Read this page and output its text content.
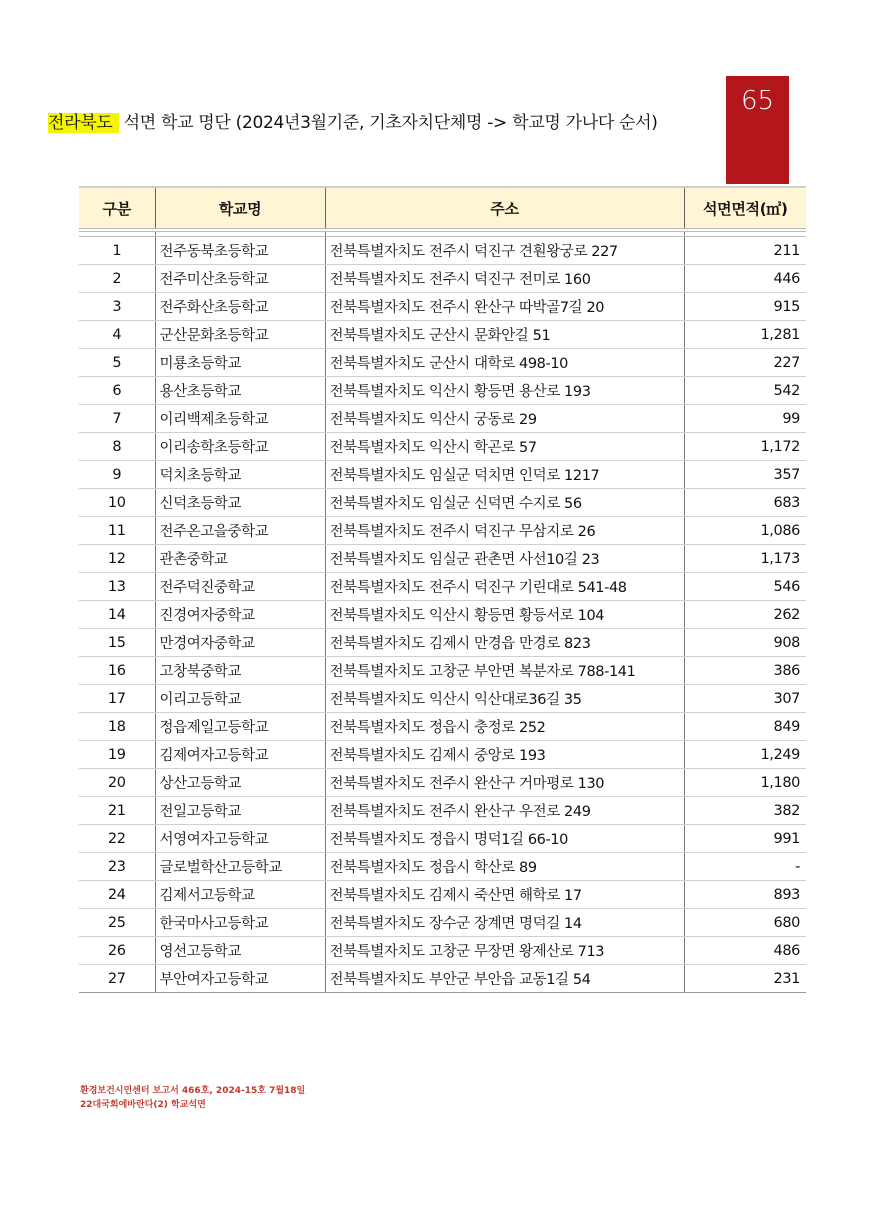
65
전라북도 석면 학교 명단 (2024년3월기준, 기초자치단체명 -> 학교명 가나다 순서)
구분	학교명	주소	석면면적(㎡)

1	전주동북초등학교	전북특별자치도 전주시 덕진구 견훤왕궁로 227	211
2	전주미산초등학교	전북특별자치도 전주시 덕진구 전미로 160	446
3	전주화산초등학교	전북특별자치도 전주시 완산구 따박골7길 20	915
4	군산문화초등학교	전북특별자치도 군산시 문화안길 51	1,281
5	미룡초등학교	전북특별자치도 군산시 대학로 498-10	227
6	용산초등학교	전북특별자치도 익산시 황등면 용산로 193	542
7	이리백제초등학교	전북특별자치도 익산시 궁동로 29	99
8	이리송학초등학교	전북특별자치도 익산시 학곤로 57	1,172
9	덕치초등학교	전북특별자치도 임실군 덕치면 인덕로 1217	357
10	신덕초등학교	전북특별자치도 임실군 신덕면 수지로 56	683
11	전주온고을중학교	전북특별자치도 전주시 덕진구 무삼지로 26	1,086
12	관촌중학교	전북특별자치도 임실군 관촌면 사선10길 23	1,173
13	전주덕진중학교	전북특별자치도 전주시 덕진구 기린대로 541-48	546
14	진경여자중학교	전북특별자치도 익산시 황등면 황등서로 104	262
15	만경여자중학교	전북특별자치도 김제시 만경읍 만경로 823	908
16	고창북중학교	전북특별자치도 고창군 부안면 복분자로 788-141	386
17	이리고등학교	전북특별자치도 익산시 익산대로36길 35	307
18	정읍제일고등학교	전북특별자치도 정읍시 충정로 252	849
19	김제여자고등학교	전북특별자치도 김제시 중앙로 193	1,249
20	상산고등학교	전북특별자치도 전주시 완산구 거마평로 130	1,180
21	전일고등학교	전북특별자치도 전주시 완산구 우전로 249	382
22	서영여자고등학교	전북특별자치도 정읍시 명덕1길 66-10	991
23	글로벌학산고등학교	전북특별자치도 정읍시 학산로 89	-
24	김제서고등학교	전북특별자치도 김제시 죽산면 해학로 17	893
25	한국마사고등학교	전북특별자치도 장수군 장계면 명덕길 14	680
26	영선고등학교	전북특별자치도 고창군 무장면 왕제산로 713	486
27	부안여자고등학교	전북특별자치도 부안군 부안읍 교동1길 54	231
환경보건시민센터 보고서 466호, 2024-15호 7월18일
22대국회에바란다(2) 학교석면
